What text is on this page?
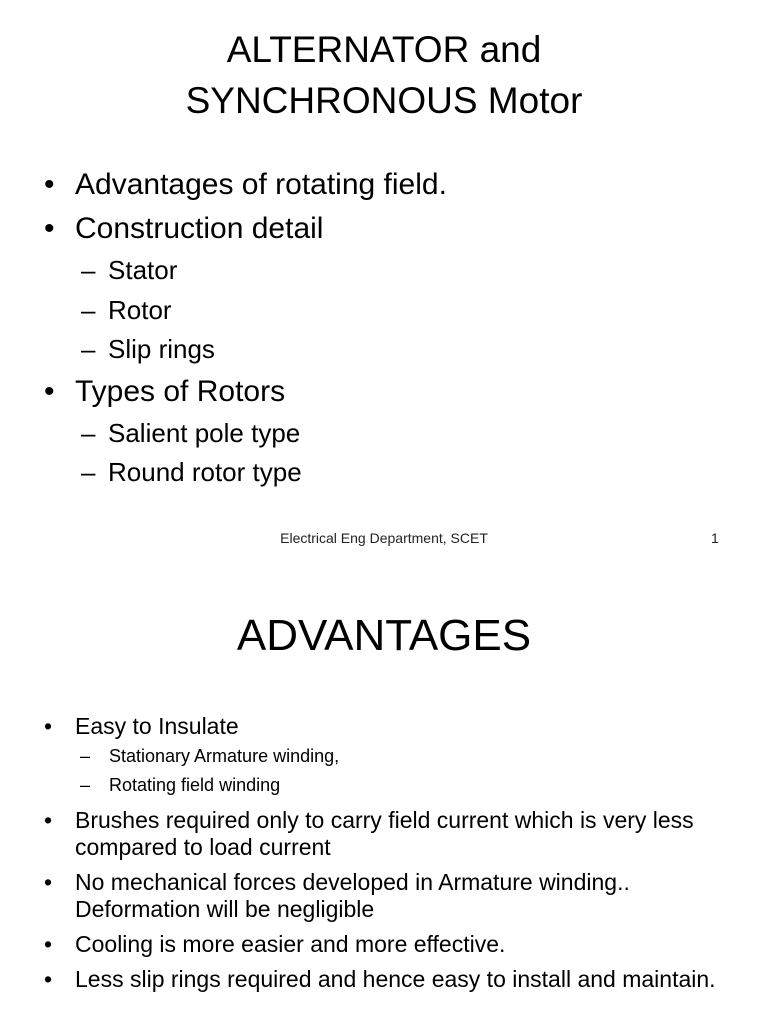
ALTERNATOR and
SYNCHRONOUS Motor
• Advantages of rotating field.
• Construction detail
– Stator
– Rotor
– Slip rings
• Types of Rotors
– Salient pole type
– Round rotor type
Electrical Eng Department, SCET	1
ADVANTAGES
• Easy to Insulate
–	Stationary Armature winding,
–	Rotating field winding
• Brushes required only to carry field current which is very less compared to load current
• No mechanical forces developed in Armature winding.. Deformation will be negligible
• Cooling is more easier and more effective.
• Less slip rings required and hence easy to install and maintain.
